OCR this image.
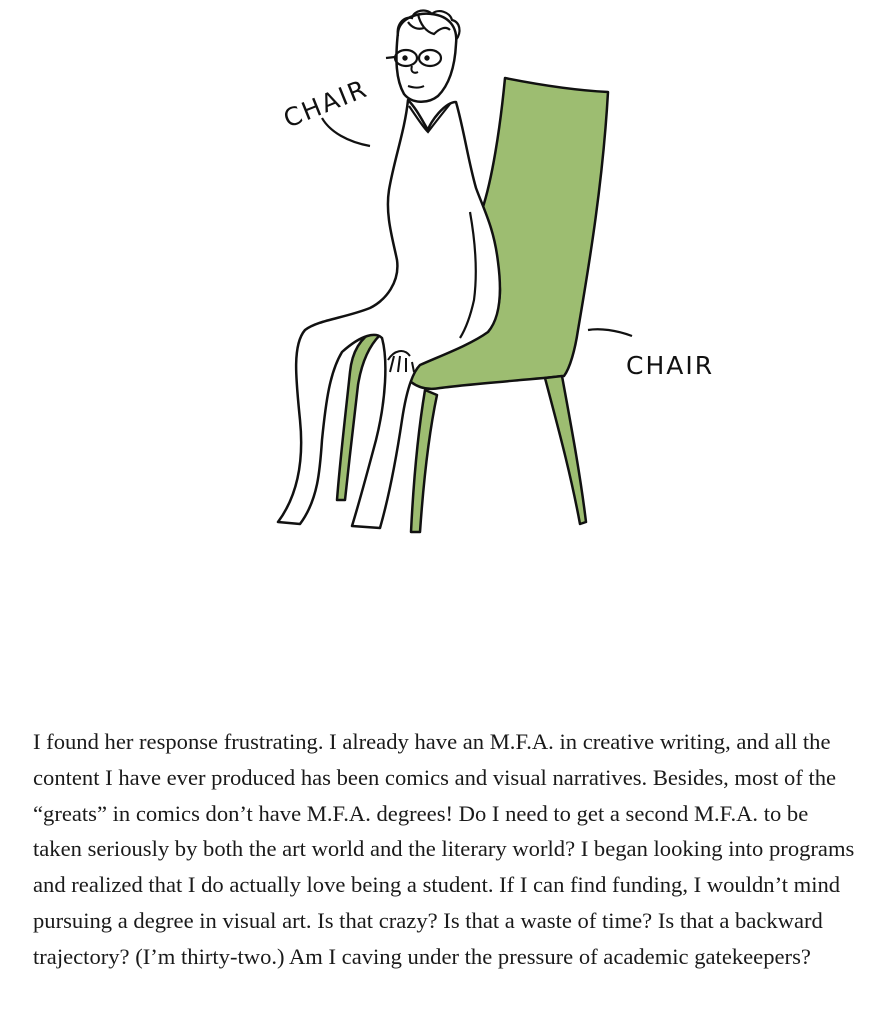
CHAIR
CHAIR

I found her response frustrating. I already have an M.F.A. in creative writing, and all the content I have ever produced has been comics and visual narratives. Besides, most of the “greats” in comics don’t have M.F.A. degrees! Do I need to get a second M.F.A. to be taken seriously by both the art world and the literary world? I began looking into programs and realized that I do actually love being a student. If I can find funding, I wouldn’t mind pursuing a degree in visual art. Is that crazy? Is that a waste of time? Is that a backward trajectory? (I’m thirty-two.) Am I caving under the pressure of academic gatekeepers?
